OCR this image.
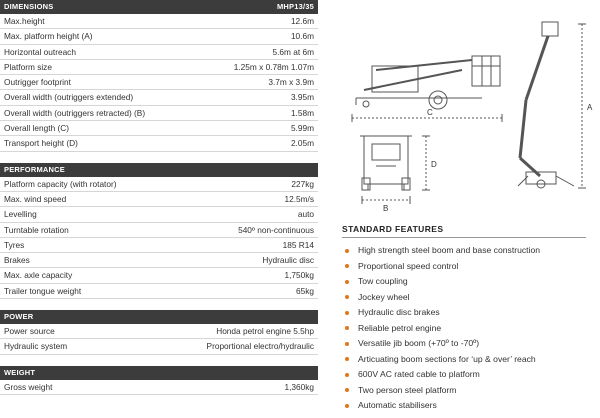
DIMENSIONS	MHP13/35
Max.height	12.6m
Max. platform height (A)	10.6m
Horizontal outreach	5.6m at 6m
Platform size	1.25m x 0.78m 1.07m
Outrigger footprint	3.7m x 3.9m
Overall width (outriggers extended)	3.95m
Overall width (outriggers retracted) (B)	1.58m
Overall length (C)	5.99m
Transport height (D)	2.05m
PERFORMANCE
Platform capacity (with rotator)	227kg
Max. wind speed	12.5m/s
Levelling	auto
Turntable rotation	540º non-continuous
Tyres	185 R14
Brakes	Hydraulic disc
Max. axle capacity	1,750kg
Trailer tongue weight	65kg
POWER
Power source	Honda petrol engine 5.5hp
Hydraulic system	Proportional electro/hydraulic
WEIGHT
Gross weight	1,360kg
C
B
D
A
STANDARD FEATURES
High strength steel boom and base construction
Proportional speed control
Tow coupling
Jockey wheel
Hydraulic disc brakes
Reliable petrol engine
Versatile jib boom (+70º to -70º)
Articuating boom sections for ‘up & over’ reach
600V AC rated cable to platform
Two person steel platform
Automatic stabilisers
